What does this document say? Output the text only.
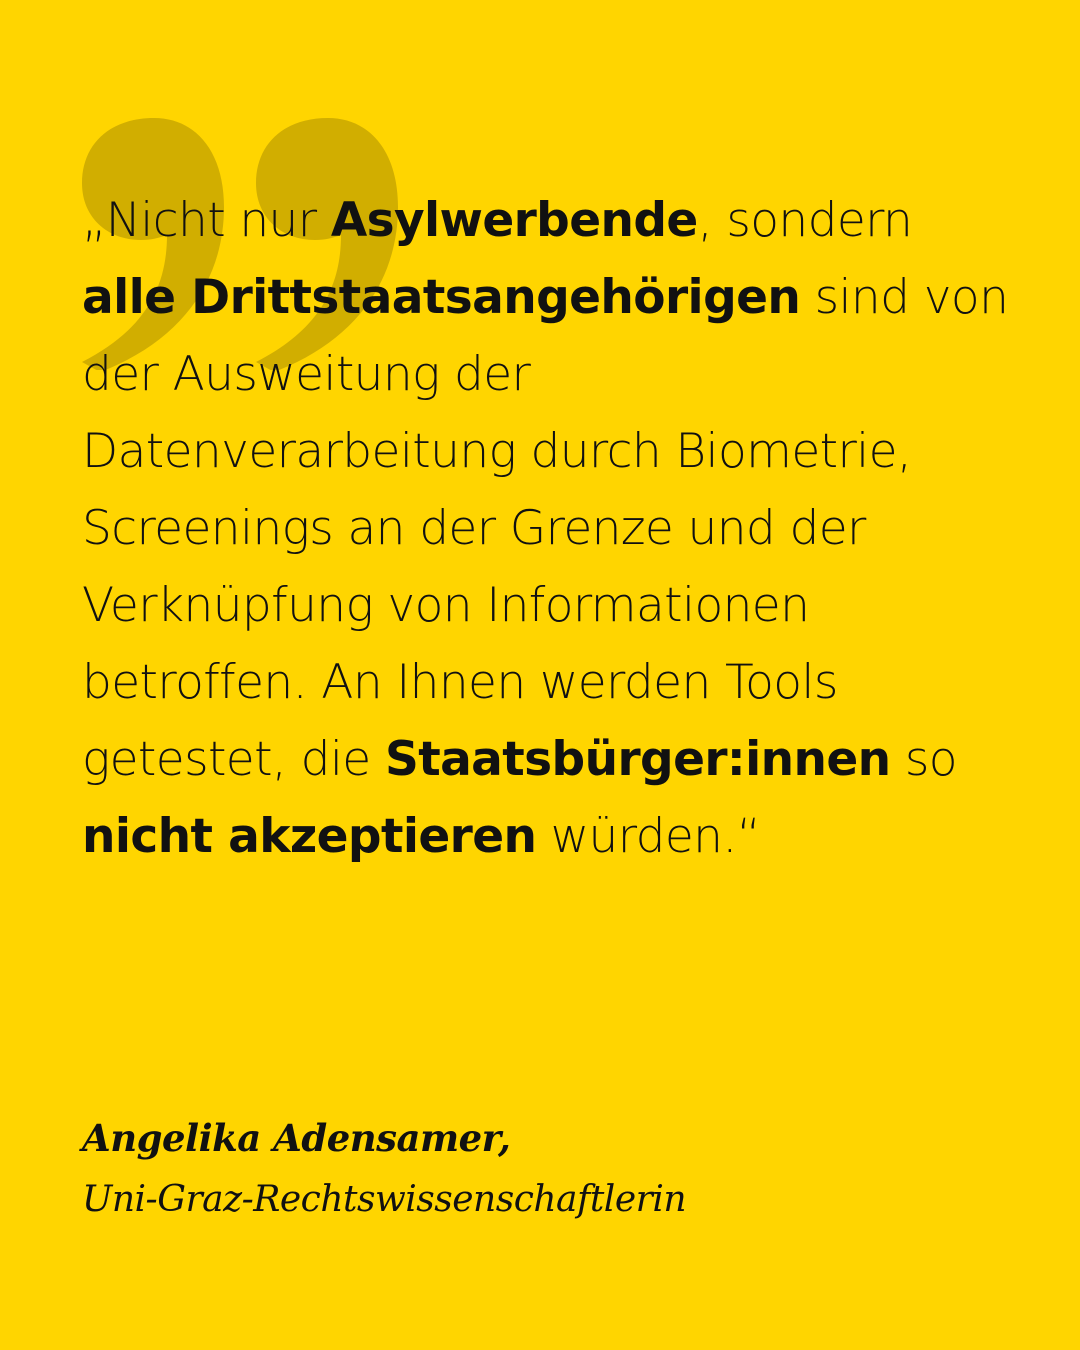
„Nicht nur Asylwerbende, sondern
alle Drittstaatsangehörigen sind von
der Ausweitung der
Datenverarbeitung durch Biometrie,
Screenings an der Grenze und der
Verknüpfung von Informationen
betroffen. An Ihnen werden Tools
getestet, die Staatsbürger:innen so
nicht akzeptieren würden.“

Angelika Adensamer,

Uni-Graz-Rechtswissenschaftlerin
